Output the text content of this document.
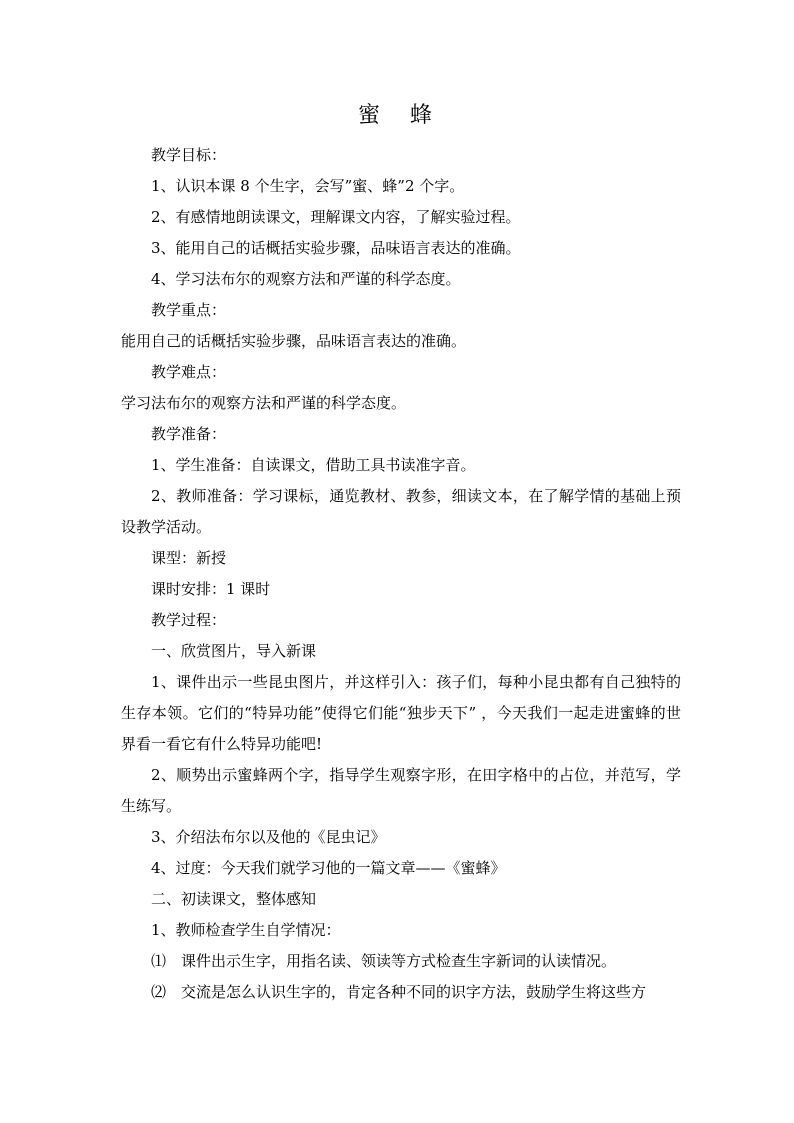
蜜　蜂

教学目标：

1、认识本课 8 个生字，会写”蜜、蜂”2 个字。

2、有感情地朗读课文，理解课文内容，了解实验过程。

3、能用自己的话概括实验步骤，品味语言表达的准确。

4、学习法布尔的观察方法和严谨的科学态度。

教学重点：

能用自己的话概括实验步骤，品味语言表达的准确。

教学难点：

学习法布尔的观察方法和严谨的科学态度。

教学准备：

1、学生准备：自读课文，借助工具书读准字音。

2、教师准备：学习课标，通览教材、教参，细读文本，在了解学情的基础上预设教学活动。

课型：新授

课时安排：1 课时

教学过程：

一、欣赏图片，导入新课

1、课件出示一些昆虫图片，并这样引入：孩子们，每种小昆虫都有自己独特的生存本领。它们的“特异功能”使得它们能“独步天下” ，今天我们一起走进蜜蜂的世界看一看它有什么特异功能吧!

2、顺势出示蜜蜂两个字，指导学生观察字形，在田字格中的占位，并范写，学生练写。

3、介绍法布尔以及他的《昆虫记》

4、过度：今天我们就学习他的一篇文章——《蜜蜂》

二、初读课文，整体感知

1、教师检查学生自学情况：

⑴　课件出示生字，用指名读、领读等方式检查生字新词的认读情况。

⑵　交流是怎么认识生字的，肯定各种不同的识字方法，鼓励学生将这些方
